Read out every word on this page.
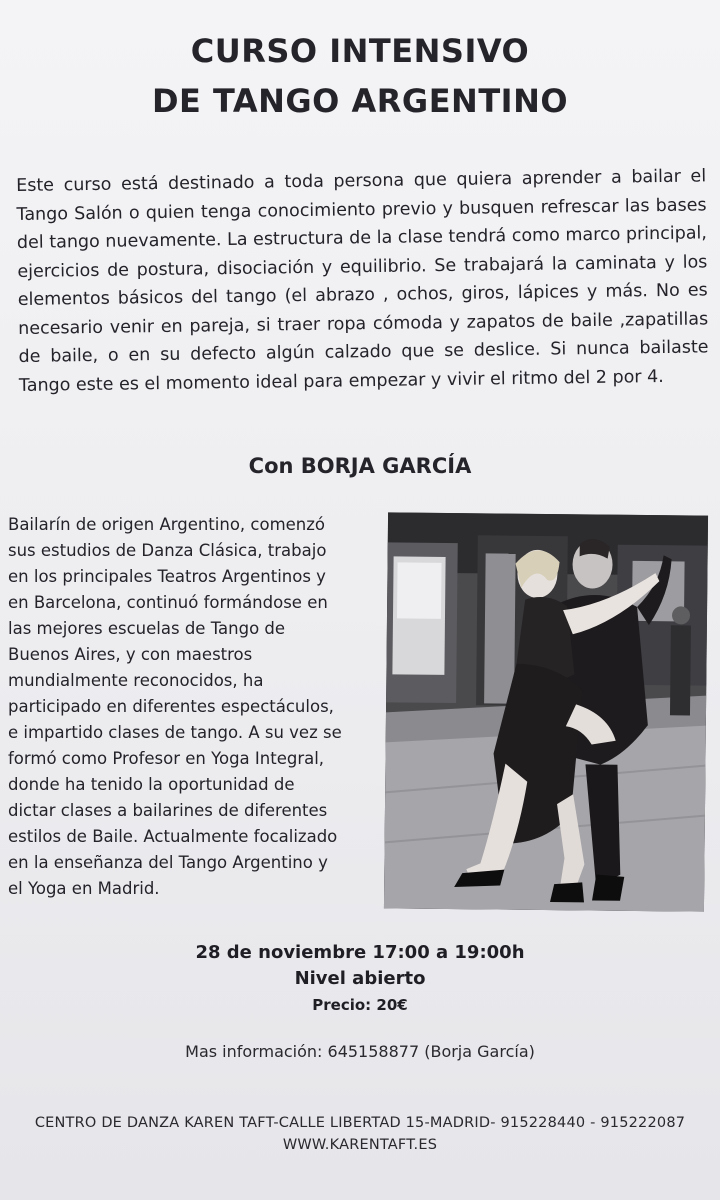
CURSO INTENSIVO
DE TANGO ARGENTINO
Este curso está destinado a toda persona que quiera aprender a bailar el Tango Salón o quien tenga conocimiento previo y busquen refrescar las bases del tango nuevamente. La estructura de la clase tendrá como marco principal, ejercicios de postura, disociación y equilibrio. Se trabajará la caminata y los elementos básicos del tango (el abrazo , ochos, giros, lápices y más. No es necesario venir en pareja, si traer ropa cómoda y zapatos de baile ,zapatillas de baile, o en su defecto algún calzado que se deslice. Si nunca bailaste Tango este es el momento ideal para empezar y vivir el ritmo del 2 por 4.
Con BORJA GARCÍA
Bailarín de origen Argentino, comenzó
sus estudios de Danza Clásica, trabajo
en los principales Teatros Argentinos y
en Barcelona, continuó formándose en
las mejores escuelas de Tango de
Buenos Aires, y con maestros
mundialmente reconocidos, ha
participado en diferentes espectáculos,
e impartido clases de tango. A su vez se
formó como Profesor en Yoga Integral,
donde ha tenido la oportunidad de
dictar clases a bailarines de diferentes
estilos de Baile. Actualmente focalizado
en la enseñanza del Tango Argentino y
el Yoga en Madrid.
28 de noviembre 17:00 a 19:00h
Nivel abierto
Precio: 20€
Mas información: 645158877 (Borja García)
CENTRO DE DANZA KAREN TAFT-CALLE LIBERTAD 15-MADRID- 915228440 - 915222087
WWW.KARENTAFT.ES
